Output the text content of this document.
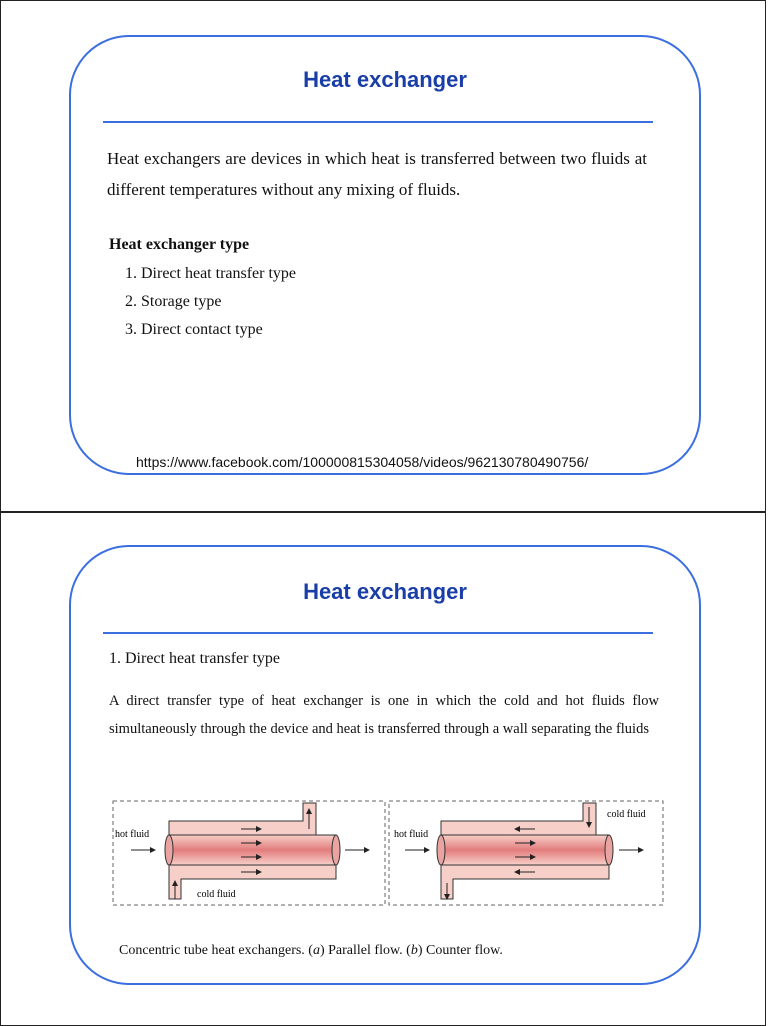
Heat exchanger
Heat exchangers are devices in which heat is transferred between two fluids at different temperatures without any mixing of fluids.
Heat exchanger type
1. Direct heat transfer type
2. Storage type
3. Direct contact type
https://www.facebook.com/100000815304058/videos/962130780490756/
Heat exchanger
1. Direct heat transfer type
A direct transfer type of heat exchanger is one in which the cold and hot fluids flow simultaneously through the device and heat is transferred through a wall separating the fluids
hot fluid
cold fluid
hot fluid
cold fluid
Concentric tube heat exchangers. (a) Parallel flow. (b) Counter flow.
